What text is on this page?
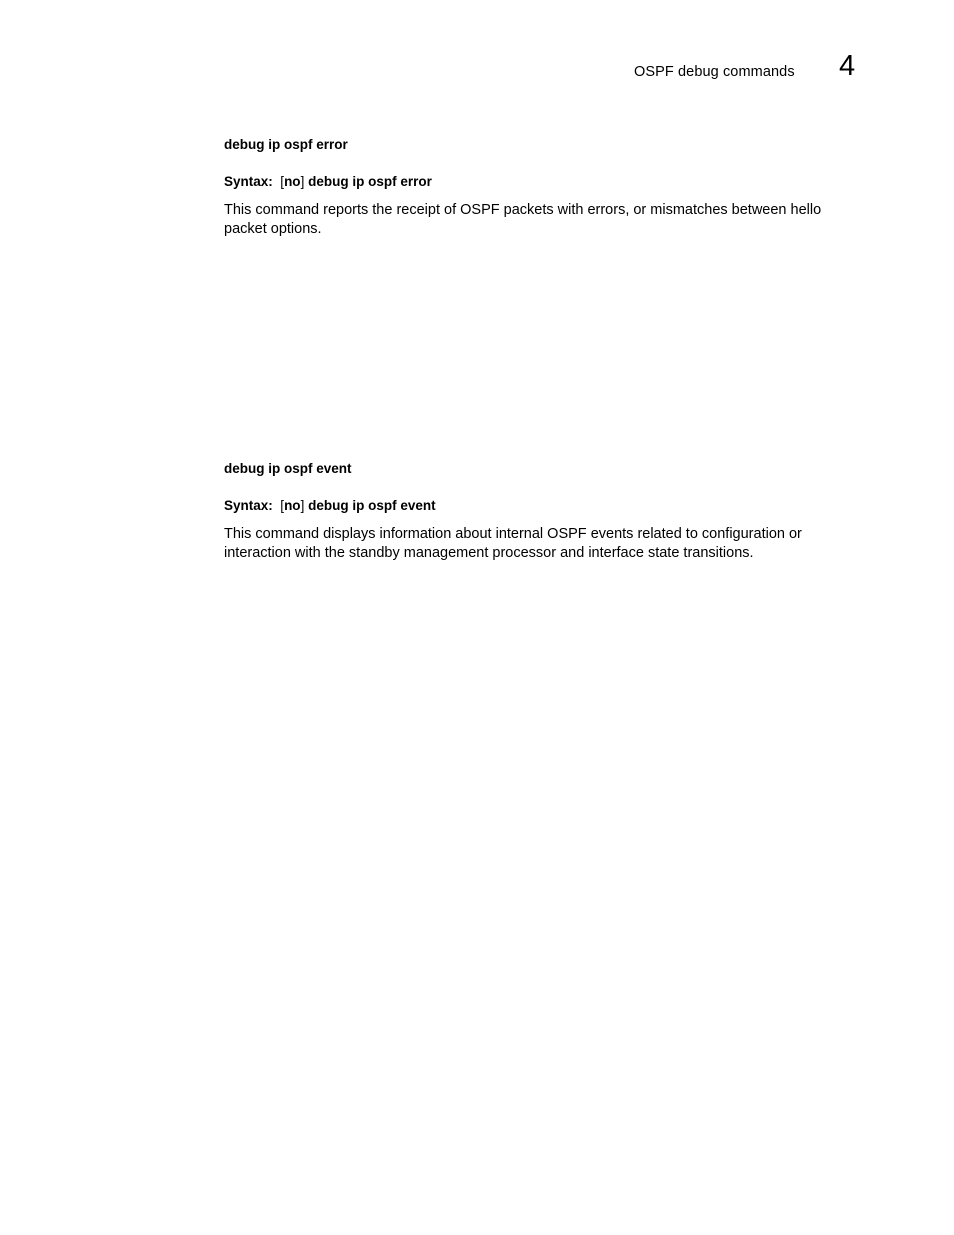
OSPF debug commands 4
debug ip ospf error
Syntax: [no] debug ip ospf error
This command reports the receipt of OSPF packets with errors, or mismatches between hello packet options.
debug ip ospf event
Syntax: [no] debug ip ospf event
This command displays information about internal OSPF events related to configuration or interaction with the standby management processor and interface state transitions.
